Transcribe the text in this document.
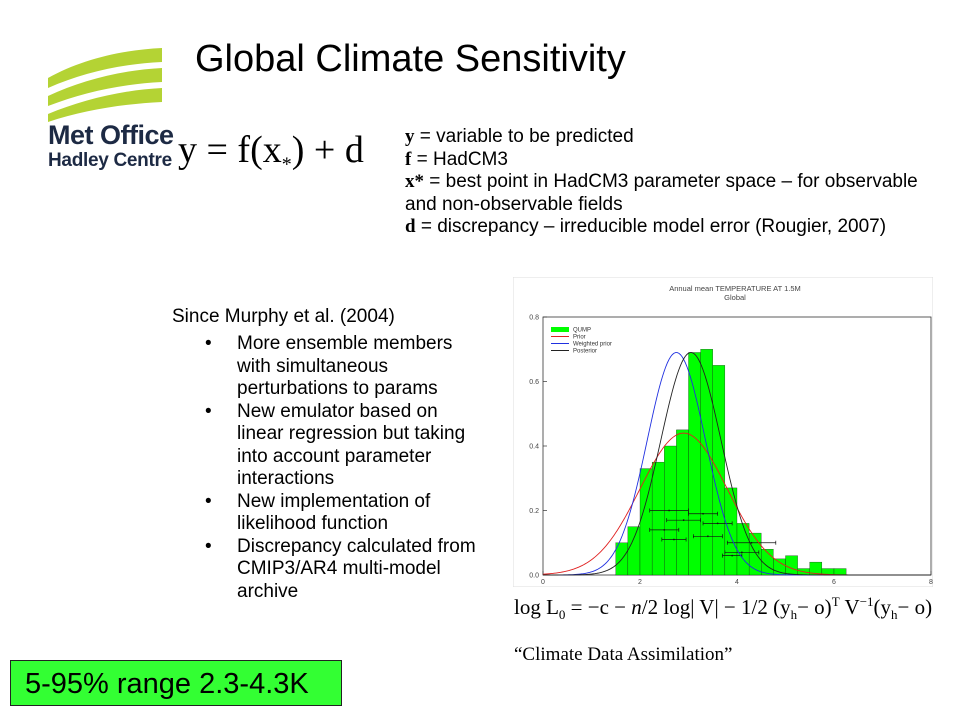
Met Office
Hadley Centre
Global Climate Sensitivity
$y = f(x_*) + d$ y = variable to be predicted
f = HadCM3
x* = best point in HadCM3 parameter space – for observable and non-observable fields
d = discrepancy – irreducible model error (Rougier, 2007)
Since Murphy et al. (2004)
• More ensemble members with simultaneous perturbations to params
• New emulator based on linear regression but taking into account parameter interactions
• New implementation of likelihood function
• Discrepancy calculated from CMIP3/AR4 multi-model archive
Annual mean TEMPERATURE AT 1.5M
Global
0	2	4	6	8
0.0
0.2
0.4
0.6
0.8
QUMP
Prior
Weighted prior
Posterior
$\log L_0 = -c - n/2$ log| V| − 1/2 $(y_h- o)^T$ $V^{-1}(y_h- o)$
“Climate Data Assimilation”
5-95% range 2.3-4.3K
